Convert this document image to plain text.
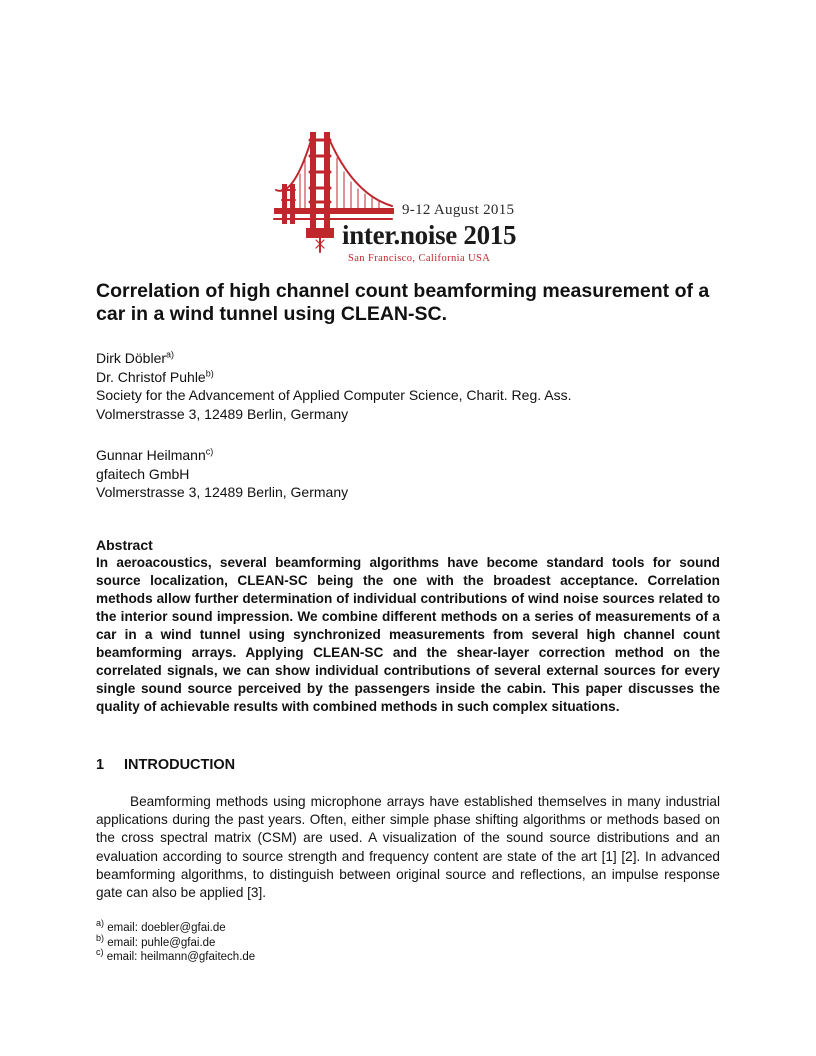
9-12 August 2015
inter.noise 2015
San Francisco, California USA
Correlation of high channel count beamforming measurement of a car in a wind tunnel using CLEAN-SC.
Dirk Döbler$^{a)}$
Dr. Christof Puhle$^{b)}$
Society for the Advancement of Applied Computer Science, Charit. Reg. Ass.
Volmerstrasse 3, 12489 Berlin, Germany
Gunnar Heilmann$^{c)}$
gfaitech GmbH
Volmerstrasse 3, 12489 Berlin, Germany
Abstract
In aeroacoustics, several beamforming algorithms have become standard tools for sound source localization, CLEAN-SC being the one with the broadest acceptance. Correlation methods allow further determination of individual contributions of wind noise sources related to the interior sound impression. We combine different methods on a series of measurements of a car in a wind tunnel using synchronized measurements from several high channel count beamforming arrays. Applying CLEAN-SC and the shear-layer correction method on the correlated signals, we can show individual contributions of several external sources for every single sound source perceived by the passengers inside the cabin. This paper discusses the quality of achievable results with combined methods in such complex situations.
1 INTRODUCTION
Beamforming methods using microphone arrays have established themselves in many industrial applications during the past years. Often, either simple phase shifting algorithms or methods based on the cross spectral matrix (CSM) are used. A visualization of the sound source distributions and an evaluation according to source strength and frequency content are state of the art [1] [2]. In advanced beamforming algorithms, to distinguish between original source and reflections, an impulse response gate can also be applied [3].
$^{a)}$ email: doebler@gfai.de
$^{b)}$ email: puhle@gfai.de
$^{c)}$ email: heilmann@gfaitech.de
